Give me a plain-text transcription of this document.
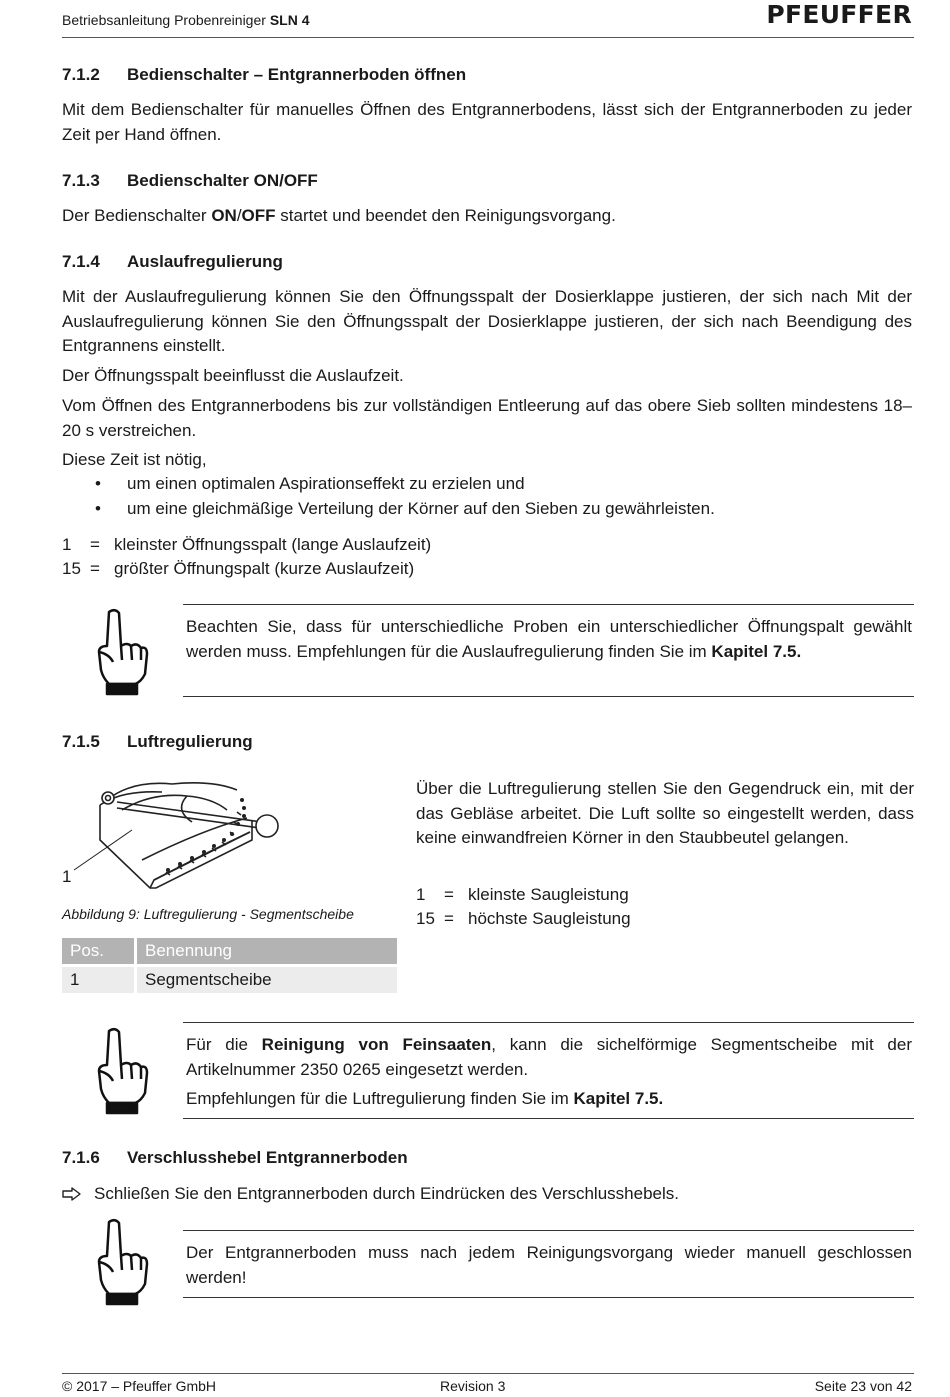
Betriebsanleitung Probenreiniger SLN 4	PFEUFFER
7.1.2 Bedienschalter – Entgrannerboden öffnen
Mit dem Bedienschalter für manuelles Öffnen des Entgrannerbodens, lässt sich der Entgrannerboden zu jeder Zeit per Hand öffnen.
7.1.3 Bedienschalter ON/OFF
Der Bedienschalter ON/OFF startet und beendet den Reinigungsvorgang.
7.1.4 Auslaufregulierung
Mit der Auslaufregulierung können Sie den Öffnungsspalt der Dosierklappe justieren, der sich nach Mit der Auslaufregulierung können Sie den Öffnungsspalt der Dosierklappe justieren, der sich nach Beendigung des Entgrannens einstellt.
Der Öffnungsspalt beeinflusst die Auslaufzeit.
Vom Öffnen des Entgrannerbodens bis zur vollständigen Entleerung auf das obere Sieb sollten mindestens 18–20 s verstreichen.
Diese Zeit ist nötig,
• um einen optimalen Aspirationseffekt zu erzielen und
• um eine gleichmäßige Verteilung der Körner auf den Sieben zu gewährleisten.
1 = kleinster Öffnungsspalt (lange Auslaufzeit)
15 = größter Öffnungspalt (kurze Auslaufzeit)
Beachten Sie, dass für unterschiedliche Proben ein unterschiedlicher Öffnungspalt gewählt werden muss. Empfehlungen für die Auslaufregulierung finden Sie im Kapitel 7.5.
7.1.5 Luftregulierung
1
Abbildung 9: Luftregulierung - Segmentscheibe
Pos.	Benennung
1	Segmentscheibe
Über die Luftregulierung stellen Sie den Gegendruck ein, mit der das Gebläse arbeitet. Die Luft sollte so eingestellt werden, dass keine einwandfreien Körner in den Staubbeutel gelangen.
1 = kleinste Saugleistung
15 = höchste Saugleistung
Für die Reinigung von Feinsaaten, kann die sichelförmige Segmentscheibe mit der Artikelnummer 2350 0265 eingesetzt werden.
Empfehlungen für die Luftregulierung finden Sie im Kapitel 7.5.
7.1.6 Verschlusshebel Entgrannerboden
Schließen Sie den Entgrannerboden durch Eindrücken des Verschlusshebels.
Der Entgrannerboden muss nach jedem Reinigungsvorgang wieder manuell geschlossen werden!
© 2017 – Pfeuffer GmbH	Revision 3	Seite 23 von 42
